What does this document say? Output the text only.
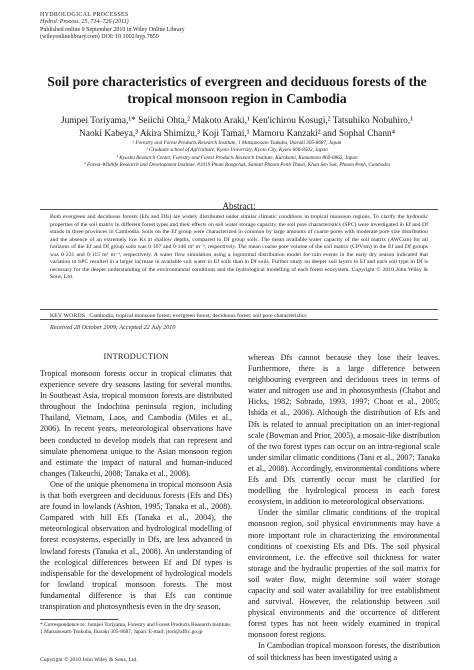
HYDROLOGICAL PROCESSES
Hydrol. Process. 25, 714–726 (2011)
Published online 9 September 2010 in Wiley Online Library
(wileyonlinelibrary.com) DOI: 10.1002/hyp.7859
Soil pore characteristics of evergreen and deciduous forests of the tropical monsoon region in Cambodia
Jumpei Toriyama,¹* Seiichi Ohta,² Makoto Araki,¹ Ken'ichirou Kosugi,² Tatsuhiko Nobuhiro,¹
Naoki Kabeya,³ Akira Shimizu,³ Koji Tamai,¹ Mamoru Kanzaki² and Sophal Chann⁴
¹ Forestry and Forest Products Research Institute, 1 Matsunosato Tsukuba, Ibaraki 305-8687, Japan
² Graduate school of Agriculture, Kyoto University, Kyoto City, Kyoto 606-8502, Japan
³ Kyushu Research Center, Forestry and Forest Products Research Institute, Kurokami, Kumamoto 860-0862, Japan
⁴ Forest-Wildlife Research and Development Institute, #1019 Phum Rongchak, Sanlatt Phnom Penh Thmei, Khan Sen Sok, Phnom Penh, Cambodia
Abstract:
Both evergreen and deciduous forests (Efs and Dfs) are widely distributed under similar climatic conditions in tropical monsoon regions. To clarify the hydraulic properties of the soil matrix in different forest types and their effects on soil water storage capacity, the soil pore characteristics (SPC) were investigated in Ef and Df stands in three provinces in Cambodia. Soils on the Ef group were characterized in common by large amounts of coarse pores with moderate pore size distribution and the absence of an extremely low Ks at shallow depths, compared to Df group soils. The mean available water capacity of the soil matrix (AWCsm) for all horizons of the Ef and Df group soils was 0·107 and 0·146 m³ m⁻³, respectively. The mean coarse pore volume of the soil matrix (CPVsm) in the Ef and Df groups was 0·231 and 0·115 m³ m⁻³, respectively. A water flow simulation using a lognormal distribution model for rain events in the early dry season indicated that variation in SPC resulted in a larger increase in available soil water in Ef soils than in Df soils. Further study on deeper soil layers in Ef and each soil type in Df is necessary for the deeper understanding of the environmental conditions and the hydrological modelling of each forest ecosystem. Copyright © 2010 John Wiley & Sons, Ltd.
KEY WORDS Cambodia; tropical monsoon forest; evergreen forest; deciduous forest; soil pore characteristics
Received 28 October 2009; Accepted 22 July 2010
INTRODUCTION

Tropical monsoon forests occur in tropical climates that experience severe dry seasons lasting for several months. In Southeast Asia, tropical monsoon forests are distributed throughout the Indochina peninsula region, including Thailand, Vietnam, Laos, and Cambodia (Miles et al., 2006). In recent years, meteorological observations have been conducted to develop models that can represent and simulate phenomena unique to the Asian monsoon region and estimate the impact of natural and human-induced changes (Takeuchi, 2008; Tanaka et al., 2008).

One of the unique phenomena in tropical monsoon Asia is that both evergreen and deciduous forests (Efs and Dfs) are found in lowlands (Ashton, 1995; Tanaka et al., 2008). Compared with hill Efs (Tanaka et al., 2004), the meteorological observation and hydrological modelling of forest ecosystems, especially in Dfs, are less advanced in lowland forests (Tanaka et al., 2008). An understanding of the ecological differences between Ef and Df types is indispensable for the development of hydrological models for lowland tropical monsoon forests. The most fundamental difference is that Efs can continue transpiration and photosynthesis even in the dry season,

whereas Dfs cannot because they lose their leaves. Furthermore, there is a large difference between neighbouring evergreen and deciduous trees in terms of water and nitrogen use and in photosynthesis (Chabot and Hicks, 1982; Sobrado, 1993, 1997; Choat et al., 2005; Ishida et al., 2006). Although the distribution of Efs and Dfs is related to annual precipitation on an inter-regional scale (Bowman and Prior, 2005), a mosaic-like distribution of the two forest types can occur on an intra-regional scale under similar climatic conditions (Tani et al., 2007; Tanaka et al., 2008). Accordingly, environmental conditions where Efs and Dfs currently occur must be clarified for modelling the hydrological process in each forest ecosystem, in addition to meteorological observations.

Under the similar climatic conditions of the tropical monsoon region, soil physical environments may have a more important role in characterizing the environmental conditions of coexisting Efs and Dfs. The soil physical environment, i.e. the effective soil thickness for water storage and the hydraulic properties of the soil matrix for soil water flow, might determine soil water storage capacity and soil water availability for tree establishment and survival. However, the relationship between soil physical environments and the occurrence of different forest types has not been widely examined in tropical monsoon forest regions.

In Cambodian tropical monsoon forests, the distribution of soil thickness has been investigated using a

* Correspondence to: Jumpei Toriyama, Forestry and Forest Products Research Institute, 1 Matsunosato Tsukuba, Ibaraki 305-8687, Japan. E-mail: jtori@affrc.go.jp
Copyright © 2010 John Wiley & Sons, Ltd.
